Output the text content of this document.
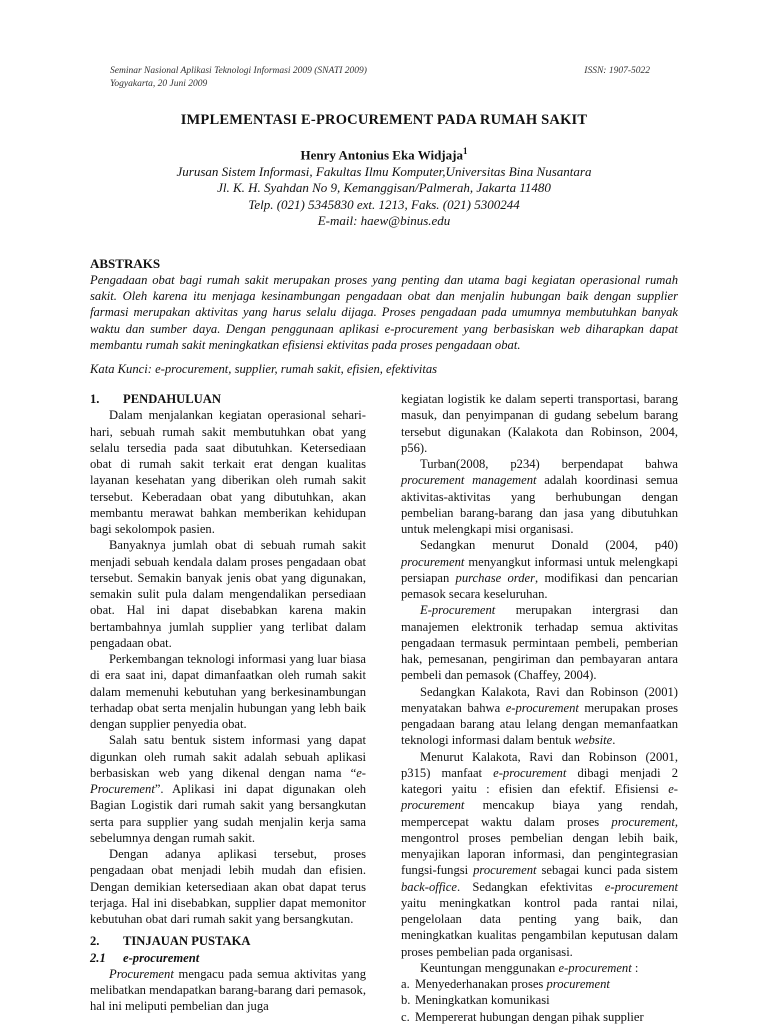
Seminar Nasional Aplikasi Teknologi Informasi 2009 (SNATI 2009)
Yogyakarta, 20 Juni 2009
ISSN: 1907-5022
IMPLEMENTASI E-PROCUREMENT PADA RUMAH SAKIT
Henry Antonius Eka Widjaja$^1$
Jurusan Sistem Informasi, Fakultas Ilmu Komputer,Universitas Bina Nusantara
Jl. K. H. Syahdan No 9, Kemanggisan/Palmerah, Jakarta 11480
Telp. (021) 5345830 ext. 1213, Faks. (021) 5300244
E-mail: haew@binus.edu
ABSTRAKS
Pengadaan obat bagi rumah sakit merupakan proses yang penting dan utama bagi kegiatan operasional rumah sakit. Oleh karena itu menjaga kesinambungan pengadaan obat dan menjalin hubungan baik dengan supplier farmasi merupakan aktivitas yang harus selalu dijaga. Proses pengadaan pada umumnya membutuhkan banyak waktu dan sumber daya. Dengan penggunaan aplikasi e-procurement yang berbasiskan web diharapkan dapat membantu rumah sakit meningkatkan efisiensi ektivitas pada proses pengadaan obat.
Kata Kunci: e-procurement, supplier, rumah sakit, efisien, efektivitas
1.	PENDAHULUAN

Dalam menjalankan kegiatan operasional sehari-hari, sebuah rumah sakit membutuhkan obat yang selalu tersedia pada saat dibutuhkan. Ketersediaan obat di rumah sakit terkait erat dengan kualitas layanan kesehatan yang diberikan oleh rumah sakit tersebut. Keberadaan obat yang dibutuhkan, akan membantu merawat bahkan memberikan kehidupan bagi sekolompok pasien.

Banyaknya jumlah obat di sebuah rumah sakit menjadi sebuah kendala dalam proses pengadaan obat tersebut. Semakin banyak jenis obat yang digunakan, semakin sulit pula dalam mengendalikan persediaan obat. Hal ini dapat disebabkan karena makin bertambahnya jumlah supplier yang terlibat dalam pengadaan obat.

Perkembangan teknologi informasi yang luar biasa di era saat ini, dapat dimanfaatkan oleh rumah sakit dalam memenuhi kebutuhan yang berkesinambungan terhadap obat serta menjalin hubungan yang lebh baik dengan supplier penyedia obat.

Salah satu bentuk sistem informasi yang dapat digunkan oleh rumah sakit adalah sebuah aplikasi berbasiskan web yang dikenal dengan nama “e-Procurement”. Aplikasi ini dapat digunakan oleh Bagian Logistik dari rumah sakit yang bersangkutan serta para supplier yang sudah menjalin kerja sama sebelumnya dengan rumah sakit.

Dengan adanya aplikasi tersebut, proses pengadaan obat menjadi lebih mudah dan efisien. Dengan demikian ketersediaan akan obat dapat terus terjaga. Hal ini disebabkan, supplier dapat memonitor kebutuhan obat dari rumah sakit yang bersangkutan.

2.	TINJAUAN PUSTAKA
2.1	e-procurement

Procurement mengacu pada semua aktivitas yang melibatkan mendapatkan barang-barang dari pemasok, hal ini meliputi pembelian dan juga

kegiatan logistik ke dalam seperti transportasi, barang masuk, dan penyimpanan di gudang sebelum barang tersebut digunakan (Kalakota dan Robinson, 2004, p56).

Turban(2008, p234) berpendapat bahwa procurement management adalah koordinasi semua aktivitas-aktivitas yang berhubungan dengan pembelian barang-barang dan jasa yang dibutuhkan untuk melengkapi misi organisasi.

Sedangkan menurut Donald (2004, p40) procurement menyangkut informasi untuk melengkapi persiapan purchase order, modifikasi dan pencarian pemasok secara keseluruhan.

E-procurement merupakan intergrasi dan manajemen elektronik terhadap semua aktivitas pengadaan termasuk permintaan pembeli, pemberian hak, pemesanan, pengiriman dan pembayaran antara pembeli dan pemasok (Chaffey, 2004).

Sedangkan Kalakota, Ravi dan Robinson (2001) menyatakan bahwa e-procurement merupakan proses pengadaan barang atau lelang dengan memanfaatkan teknologi informasi dalam bentuk website.

Menurut Kalakota, Ravi dan Robinson (2001, p315) manfaat e-procurement dibagi menjadi 2 kategori yaitu : efisien dan efektif. Efisiensi e-procurement mencakup biaya yang rendah, mempercepat waktu dalam proses procurement, mengontrol proses pembelian dengan lebih baik, menyajikan laporan informasi, dan pengintegrasian fungsi-fungsi procurement sebagai kunci pada sistem back-office. Sedangkan efektivitas e-procurement yaitu meningkatkan kontrol pada rantai nilai, pengelolaan data penting yang baik, dan meningkatkan kualitas pengambilan keputusan dalam proses pembelian pada organisasi.

Keuntungan menggunakan e-procurement :

a. Menyederhanakan proses procurement
b. Meningkatkan komunikasi
c. Mempererat hubungan dengan pihak supplier
